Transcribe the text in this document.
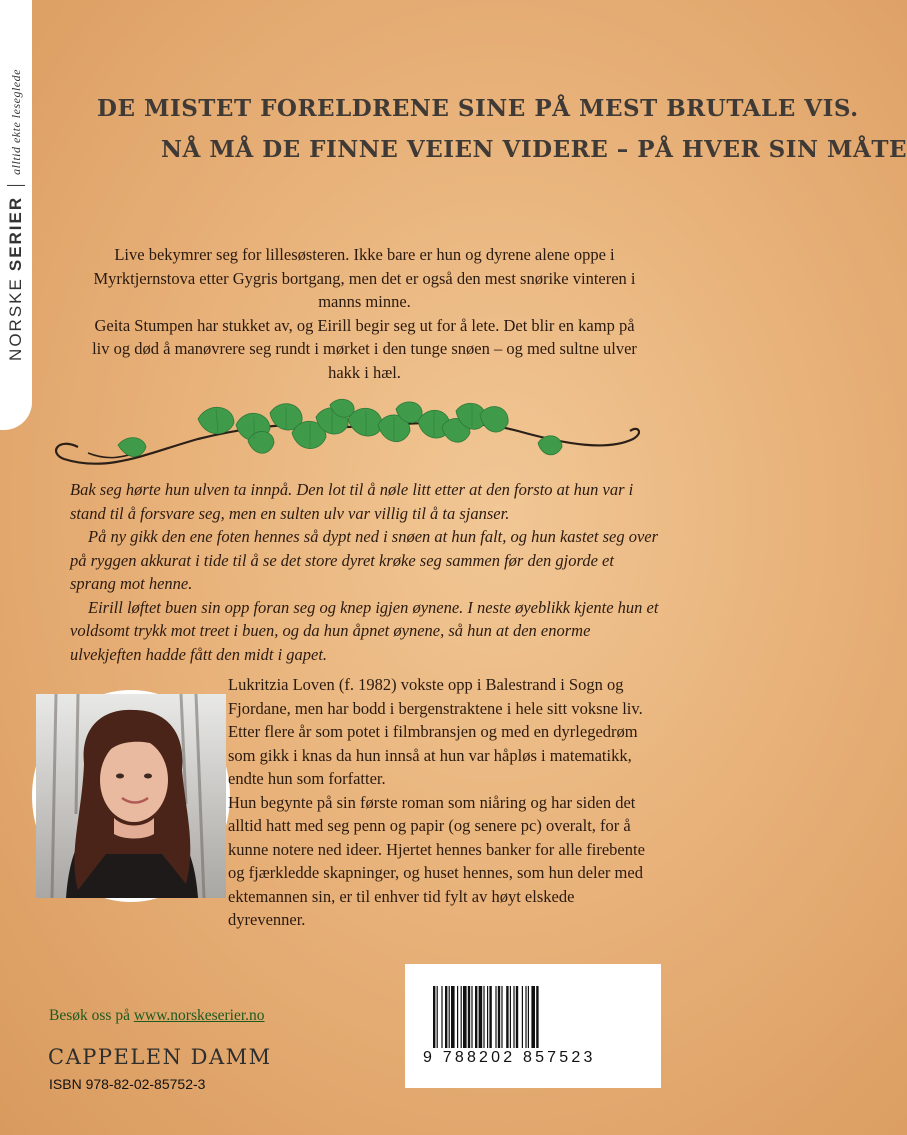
NORSKE
SERIER
alltid ekte leseglede	DE MISTET FORELDRENE SINE PÅ MEST BRUTALE VIS.
NÅ MÅ DE FINNE VEIEN VIDERE – PÅ HVER SIN MÅTE

Live bekymrer seg for lillesøsteren. Ikke bare er hun og dyrene alene oppe i Myrktjernstova etter Gygris bortgang, men det er også den mest snørike vinteren i manns minne.

Geita Stumpen har stukket av, og Eirill begir seg ut for å lete. Det blir en kamp på liv og død å manøvrere seg rundt i mørket i den tunge snøen – og med sultne ulver hakk i hæl.

Bak seg hørte hun ulven ta innpå. Den lot til å nøle litt etter at den forsto at hun var i stand til å forsvare seg, men en sulten ulv var villig til å ta sjanser.

På ny gikk den ene foten hennes så dypt ned i snøen at hun falt, og hun kastet seg over på ryggen akkurat i tide til å se det store dyret krøke seg sammen før den gjorde et sprang mot henne.

Eirill løftet buen sin opp foran seg og knep igjen øynene. I neste øyeblikk kjente hun et voldsomt trykk mot treet i buen, og da hun åpnet øynene, så hun at den enorme ulvekjeften hadde fått den midt i gapet.

Lukritzia Loven (f. 1982) vokste opp i Balestrand i Sogn og Fjordane, men har bodd i bergenstraktene i hele sitt voksne liv. Etter flere år som potet i filmbransjen og med en dyrlegedrøm som gikk i knas da hun innså at hun var håpløs i matematikk, endte hun som forfatter.

Hun begynte på sin første roman som niåring og har siden det alltid hatt med seg penn og papir (og senere pc) overalt, for å kunne notere ned ideer. Hjertet hennes banker for alle firebente og fjærkledde skapninger, og huset hennes, som hun deler med ektemannen sin, er til enhver tid fylt av høyt elskede dyrevenner.

Besøk oss på www.norskeserier.no
CAPPELEN DAMM
ISBN 978-82-02-85752-3
9 788202 857523
